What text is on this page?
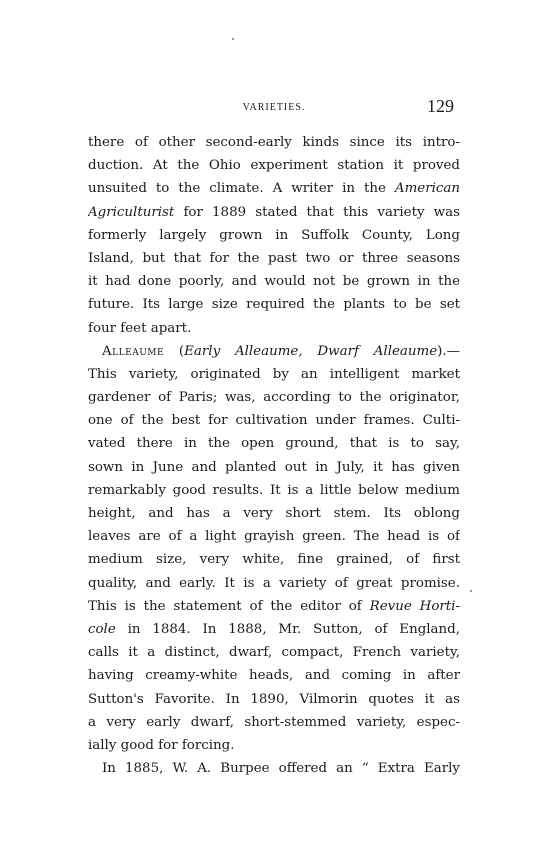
VARIETIES.	129
there of other second-early kinds since its intro-
duction. At the Ohio experiment station it proved
unsuited to the climate. A writer in the American
Agriculturist for 1889 stated that this variety was
formerly largely grown in Suffolk County, Long
Island, but that for the past two or three seasons
it had done poorly, and would not be grown in the
future. Its large size required the plants to be set
four feet apart.
Alleaume (Early Alleaume, Dwarf Alleaume).—
This variety, originated by an intelligent market
gardener of Paris; was, according to the originator,
one of the best for cultivation under frames. Culti-
vated there in the open ground, that is to say,
sown in June and planted out in July, it has given
remarkably good results. It is a little below medium
height, and has a very short stem. Its oblong
leaves are of a light grayish green. The head is of
medium size, very white, fine grained, of first
quality, and early. It is a variety of great promise.
This is the statement of the editor of Revue Horti-
cole in 1884. In 1888, Mr. Sutton, of England,
calls it a distinct, dwarf, compact, French variety,
having creamy-white heads, and coming in after
Sutton's Favorite. In 1890, Vilmorin quotes it as
a very early dwarf, short-stemmed variety, espec-
ially good for forcing.
In 1885, W. A. Burpee offered an “ Extra Early
